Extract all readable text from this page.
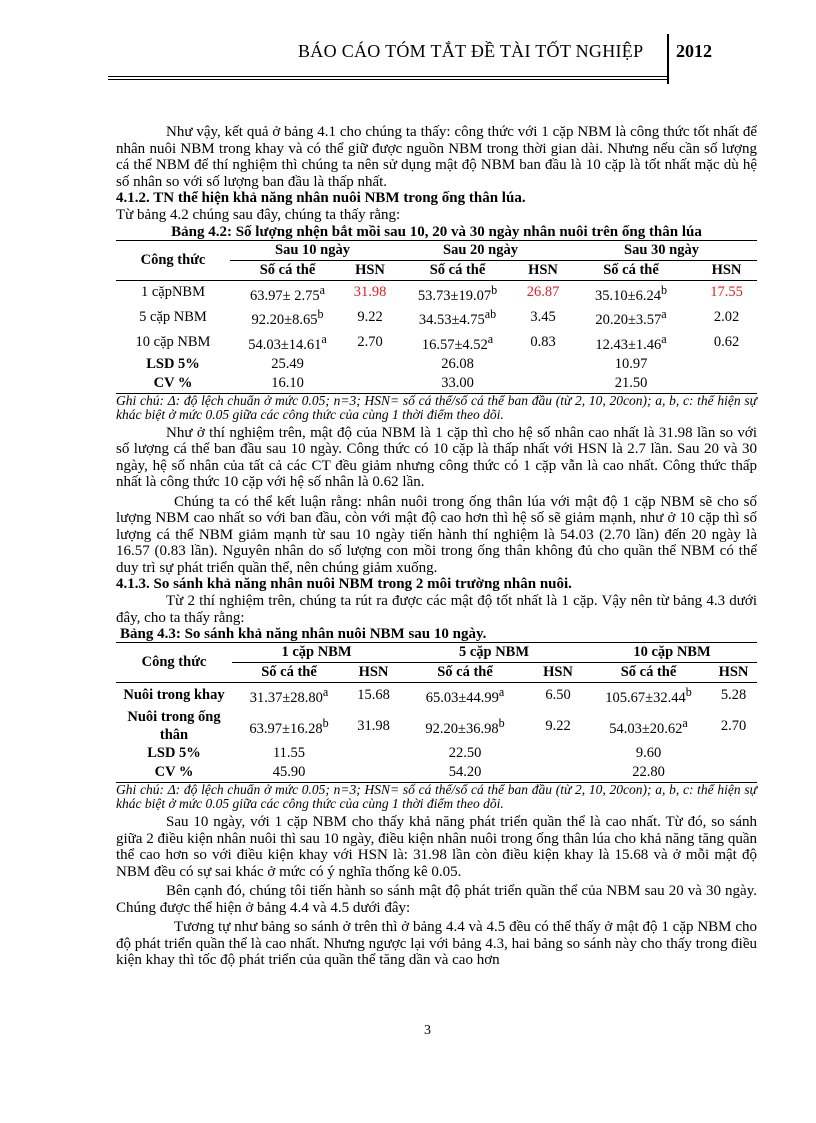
BÁO CÁO TÓM TẮT ĐỀ TÀI TỐT NGHIỆP 2012

Như vậy, kết quả ở bảng 4.1 cho chúng ta thấy: công thức với 1 cặp NBM là công thức tốt nhất để nhân nuôi NBM trong khay và có thể giữ được nguồn NBM trong thời gian dài. Nhưng nếu cần số lượng cá thể NBM để thí nghiệm thì chúng ta nên sử dụng mật độ NBM ban đầu là 10 cặp là tốt nhất mặc dù hệ số nhân so với số lượng ban đầu là thấp nhất.

4.1.2. TN thể hiện khả năng nhân nuôi NBM trong ống thân lúa.

Từ bảng 4.2 chúng sau đây, chúng ta thấy rằng:

Bảng 4.2: Số lượng nhện bắt mồi sau 10, 20 và 30 ngày nhân nuôi trên ống thân lúa
Công thức	Sau 10 ngày		Sau 20 ngày		Sau 30 ngày	
	Số cá thể	HSN	Số cá thể	HSN	Số cá thể	HSN
1 cặpNBM	63.97± 2.75$^a$	31.98	53.73±19.07$^b$	26.87	35.10±6.24$^b$	17.55
5 cặp NBM	92.20±8.65$^b$	9.22	34.53±4.75$^{ab}$	3.45	20.20±3.57$^a$	2.02
10 cặp NBM	54.03±14.61$^a$	2.70	16.57±4.52$^a$	0.83	12.43±1.46$^a$	0.62
LSD 5%	25.49		26.08		10.97	
CV %	16.10		33.00		21.50	

Ghi chú: Δ: độ lệch chuẩn ở mức 0.05; n=3; HSN= số cá thể/số cá thể ban đầu (từ 2, 10, 20con); a, b, c: thể hiện sự khác biệt ở mức 0.05 giữa các công thức của cùng 1 thời điểm theo dõi.

Như ở thí nghiệm trên, mật độ của NBM là 1 cặp thì cho hệ số nhân cao nhất là 31.98 lần so với số lượng cá thể ban đầu sau 10 ngày. Công thức có 10 cặp là thấp nhất với HSN là 2.7 lần. Sau 20 và 30 ngày, hệ số nhân của tất cả các CT đều giảm nhưng công thức có 1 cặp vẫn là cao nhất. Công thức thấp nhất là công thức 10 cặp với hệ số nhân là 0.62 lần.

Chúng ta có thể kết luận rằng: nhân nuôi trong ống thân lúa với mật độ 1 cặp NBM sẽ cho số lượng NBM cao nhất so với ban đầu, còn với mật độ cao hơn thì hệ số sẽ giảm mạnh, như ở 10 cặp thì số lượng cá thể NBM giảm mạnh từ sau 10 ngày tiến hành thí nghiệm là 54.03 (2.70 lần) đến 20 ngày là 16.57 (0.83 lần). Nguyên nhân do số lượng con mồi trong ống thân không đủ cho quần thể NBM có thể duy trì sự phát triển quần thể, nên chúng giảm xuống.

4.1.3. So sánh khả năng nhân nuôi NBM trong 2 môi trường nhân nuôi.

Từ 2 thí nghiệm trên, chúng ta rút ra được các mật độ tốt nhất là 1 cặp. Vậy nên từ bảng 4.3 dưới đây, cho ta thấy rằng:

Bảng 4.3: So sánh khả năng nhân nuôi NBM sau 10 ngày.
Công thức	1 cặp NBM		5 cặp NBM		10 cặp NBM	
	Số cá thể	HSN	Số cá thể	HSN	Số cá thể	HSN
Nuôi trong khay	31.37±28.80$^a$	15.68	65.03±44.99$^a$	6.50	105.67±32.44$^b$	5.28
Nuôi trong ống thân	63.97±16.28$^b$	31.98	92.20±36.98$^b$	9.22	54.03±20.62$^a$	2.70
LSD 5%	11.55		22.50		9.60	
CV %	45.90		54.20		22.80	

Ghi chú: Δ: độ lệch chuẩn ở mức 0.05; n=3; HSN= số cá thể/số cá thể ban đầu (từ 2, 10, 20con); a, b, c: thể hiện sự khác biệt ở mức 0.05 giữa các công thức của cùng 1 thời điểm theo dõi.

Sau 10 ngày, với 1 cặp NBM cho thấy khả năng phát triển quần thể là cao nhất. Từ đó, so sánh giữa 2 điều kiện nhân nuôi thì sau 10 ngày, điều kiện nhân nuôi trong ống thân lúa cho khả năng tăng quần thể cao hơn so với điều kiện khay với HSN là: 31.98 lần còn điều kiện khay là 15.68 và ở mỗi mật độ NBM đều có sự sai khác ở mức có ý nghĩa thống kê 0.05.

Bên cạnh đó, chúng tôi tiến hành so sánh mật độ phát triển quần thể của NBM sau 20 và 30 ngày. Chúng được thể hiện ở bảng 4.4 và 4.5 dưới đây:

Tương tự như bảng so sánh ở trên thì ở bảng 4.4 và 4.5 đều có thể thấy ở mật độ 1 cặp NBM cho độ phát triển quần thể là cao nhất. Nhưng ngược lại với bảng 4.3, hai bảng so sánh này cho thấy trong điều kiện khay thì tốc độ phát triển của quần thể tăng dần và cao hơn

3
